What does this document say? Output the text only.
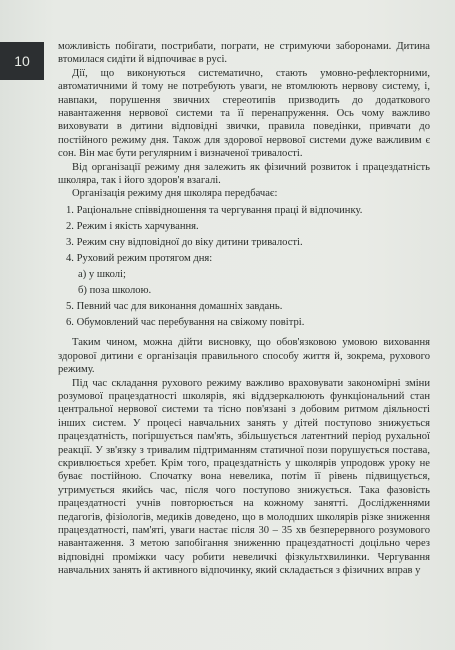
10

можливість побігати, пострибати, пограти, не стримуючи заборонами. Дитина втомилася сидіти й відпочиває в русі.

Дії, що виконуються систематично, стають умовно-рефлекторними, автоматичними й тому не потребують уваги, не втомлюють нервову систему, і, навпаки, порушення звичних стереотипів призводить до додаткового навантаження нервової системи та її перенапруження. Ось чому важливо виховувати в дитини відповідні звички, правила поведінки, привчати до постійного режиму дня. Також для здорової нервової системи дуже важливим є сон. Він має бути регулярним і визначеної тривалості.

Від організації режиму дня залежить як фізичний розвиток і працездатність школяра, так і його здоров'я взагалі.

Організація режиму дня школяра передбачає:

1. Раціональне співвідношення та чергування праці й відпочинку.
2. Режим і якість харчування.
3. Режим сну відповідної до віку дитини тривалості.
4. Руховий режим протягом дня:
а) у школі;
б) поза школою.
5. Певний час для виконання домашніх завдань.
6. Обумовлений час перебування на свіжому повітрі.

Таким чином, можна дійти висновку, що обов'язковою умовою виховання здорової дитини є організація правильного способу життя й, зокрема, рухового режиму.

Під час складання рухового режиму важливо враховувати закономірні зміни розумової працездатності школярів, які віддзеркалюють функціональний стан центральної нервової системи та тісно пов'язані з добовим ритмом діяльності інших систем. У процесі навчальних занять у дітей поступово знижується працездатність, погіршується пам'ять, збільшується латентний період рухальної реакції. У зв'язку з тривалим підтриманням статичної пози порушується постава, скривлюється хребет. Крім того, працездатність у школярів упродовж уроку не буває постійною. Спочатку вона невелика, потім її рівень підвищується, утримується якийсь час, після чого поступово знижується. Така фазовість працездатності учнів повторюється на кожному занятті. Дослідженнями педагогів, фізіологів, медиків доведено, що в молодших школярів різке зниження працездатності, пам'яті, уваги настає після 30 – 35 хв безперервного розумового навантаження. З метою запобігання зниженню працездатності доцільно через відповідні проміжки часу робити невеличкі фізкультхвилинки. Чергування навчальних занять й активного відпочинку, який складається з фізичних вправ у
